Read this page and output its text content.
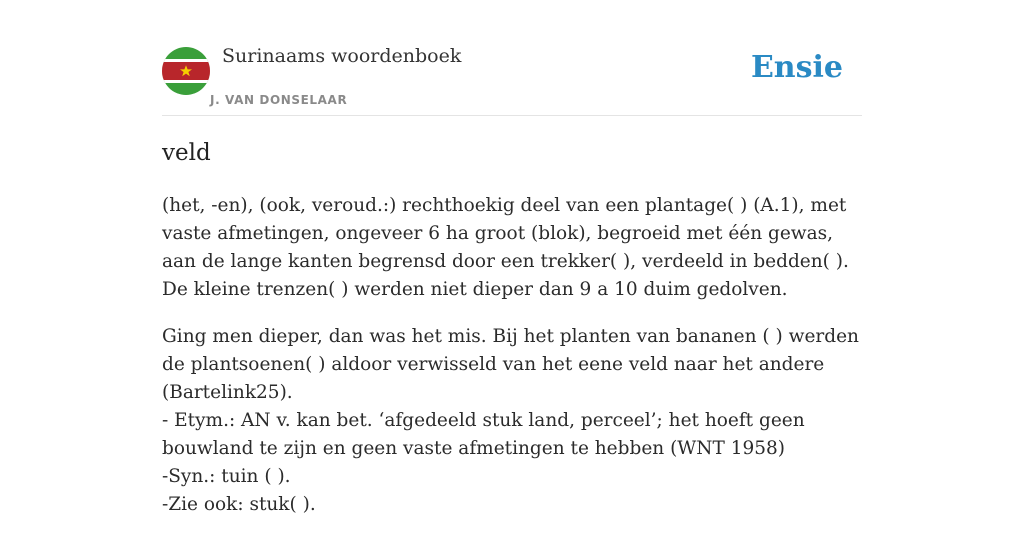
Surinaams woordenboek
J. VAN DONSELAAR
Ensie
veld

(het, -en), (ook, veroud.:) rechthoekig deel van een plantage( ) (A.1), met vaste afmetingen, ongeveer 6 ha groot (blok), begroeid met één gewas, aan de lange kanten begrensd door een trekker( ), verdeeld in bedden( ). De kleine trenzen( ) werden niet dieper dan 9 a 10 duim gedolven.

Ging men dieper, dan was het mis. Bij het planten van bananen ( ) werden de plantsoenen( ) aldoor verwisseld van het eene veld naar het andere (Bartelink25).
- Etym.: AN v. kan bet. ‘afgedeeld stuk land, perceel’; het hoeft geen bouwland te zijn en geen vaste afmetingen te hebben (WNT 1958)
-Syn.: tuin ( ).
-Zie ook: stuk( ).
